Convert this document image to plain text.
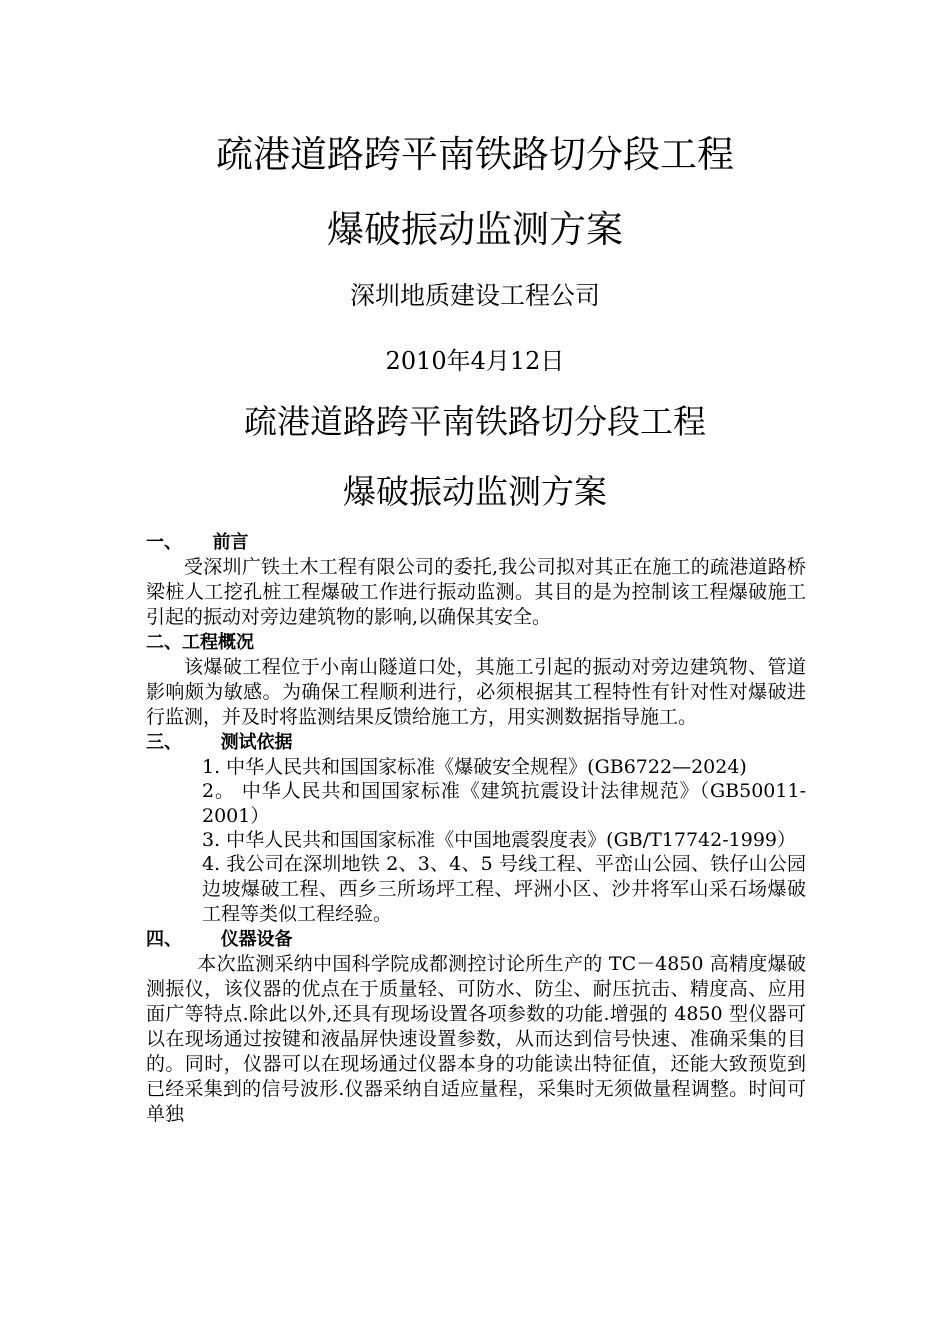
疏港道路跨平南铁路切分段工程
爆破振动监测方案
深圳地质建设工程公司
2010年4月12日
疏港道路跨平南铁路切分段工程
爆破振动监测方案
一、 前言

受深圳广铁土木工程有限公司的委托,我公司拟对其正在施工的疏港道路桥梁桩人工挖孔桩工程爆破工作进行振动监测。其目的是为控制该工程爆破施工引起的振动对旁边建筑物的影响,以确保其安全。

二、工程概况

该爆破工程位于小南山隧道口处，其施工引起的振动对旁边建筑物、管道影响颇为敏感。为确保工程顺利进行，必须根据其工程特性有针对性对爆破进行监测，并及时将监测结果反馈给施工方，用实测数据指导施工。

三、 测试依据

1. 中华人民共和国国家标准《爆破安全规程》(GB6722—2024)

2。 中华人民共和国国家标准《建筑抗震设计法律规范》（GB50011-2001）

3. 中华人民共和国国家标准《中国地震裂度表》(GB/T17742-1999）

4. 我公司在深圳地铁 2、3、4、5 号线工程、平峦山公园、铁仔山公园边坡爆破工程、西乡三所场坪工程、坪洲小区、沙井将军山采石场爆破工程等类似工程经验。

四、 仪器设备

本次监测采纳中国科学院成都测控讨论所生产的 TC－4850 高精度爆破测振仪，该仪器的优点在于质量轻、可防水、防尘、耐压抗击、精度高、应用面广等特点.除此以外,还具有现场设置各项参数的功能.增强的 4850 型仪器可以在现场通过按键和液晶屏快速设置参数，从而达到信号快速、准确采集的目的。同时，仪器可以在现场通过仪器本身的功能读出特征值，还能大致预览到已经采集到的信号波形.仪器采纳自适应量程，采集时无须做量程调整。时间可单独
